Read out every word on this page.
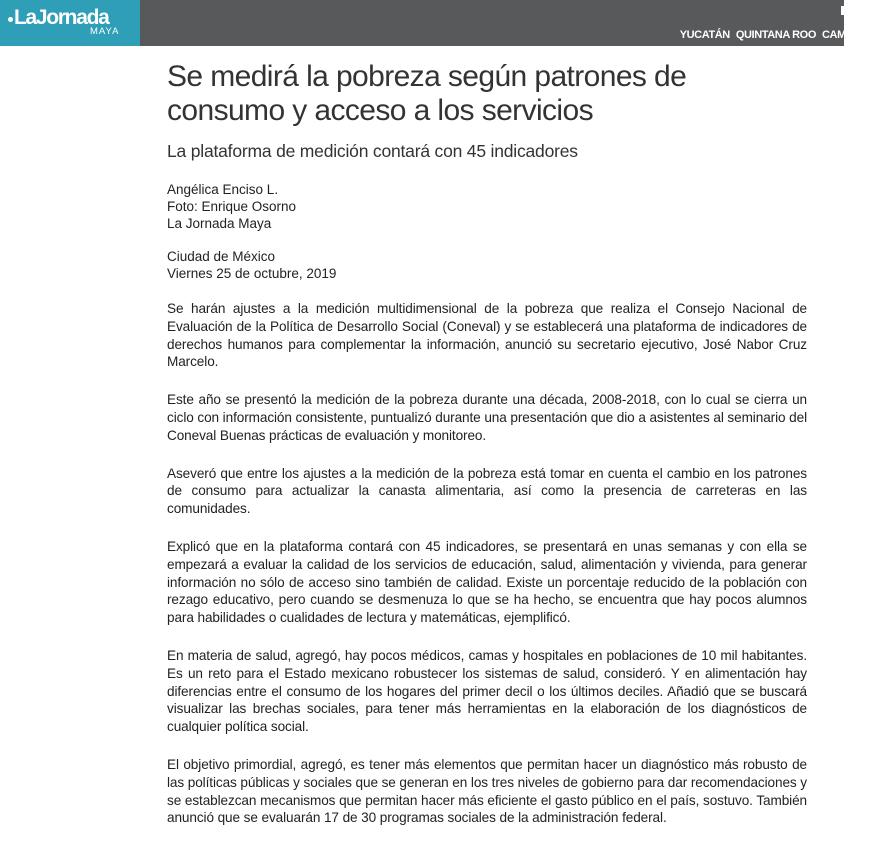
LaJornada
MAYA	YUCATÁN QUINTANA ROO CAMPECHE
Se medirá la pobreza según patrones de consumo y acceso a los servicios
La plataforma de medición contará con 45 indicadores
Angélica Enciso L.
Foto: Enrique Osorno
La Jornada Maya
Ciudad de México
Viernes 25 de octubre, 2019

Se harán ajustes a la medición multidimensional de la pobreza que realiza el Consejo Nacional de Evaluación de la Política de Desarrollo Social (Coneval) y se establecerá una plataforma de indicadores de derechos humanos para complementar la información, anunció su secretario ejecutivo, José Nabor Cruz Marcelo.

Este año se presentó la medición de la pobreza durante una década, 2008-2018, con lo cual se cierra un ciclo con información consistente, puntualizó durante una presentación que dio a asistentes al seminario del Coneval Buenas prácticas de evaluación y monitoreo.

Aseveró que entre los ajustes a la medición de la pobreza está tomar en cuenta el cambio en los patrones de consumo para actualizar la canasta alimentaria, así como la presencia de carreteras en las comunidades.

Explicó que en la plataforma contará con 45 indicadores, se presentará en unas semanas y con ella se empezará a evaluar la calidad de los servicios de educación, salud, alimentación y vivienda, para generar información no sólo de acceso sino también de calidad. Existe un porcentaje reducido de la población con rezago educativo, pero cuando se desmenuza lo que se ha hecho, se encuentra que hay pocos alumnos para habilidades o cualidades de lectura y matemáticas, ejemplificó.

En materia de salud, agregó, hay pocos médicos, camas y hospitales en poblaciones de 10 mil habitantes. Es un reto para el Estado mexicano robustecer los sistemas de salud, consideró. Y en alimentación hay diferencias entre el consumo de los hogares del primer decil o los últimos deciles. Añadió que se buscará visualizar las brechas sociales, para tener más herramientas en la elaboración de los diagnósticos de cualquier política social.

El objetivo primordial, agregó, es tener más elementos que permitan hacer un diagnóstico más robusto de las políticas públicas y sociales que se generan en los tres niveles de gobierno para dar recomendaciones y se establezcan mecanismos que permitan hacer más eficiente el gasto público en el país, sostuvo. También anunció que se evaluarán 17 de 30 programas sociales de la administración federal.
